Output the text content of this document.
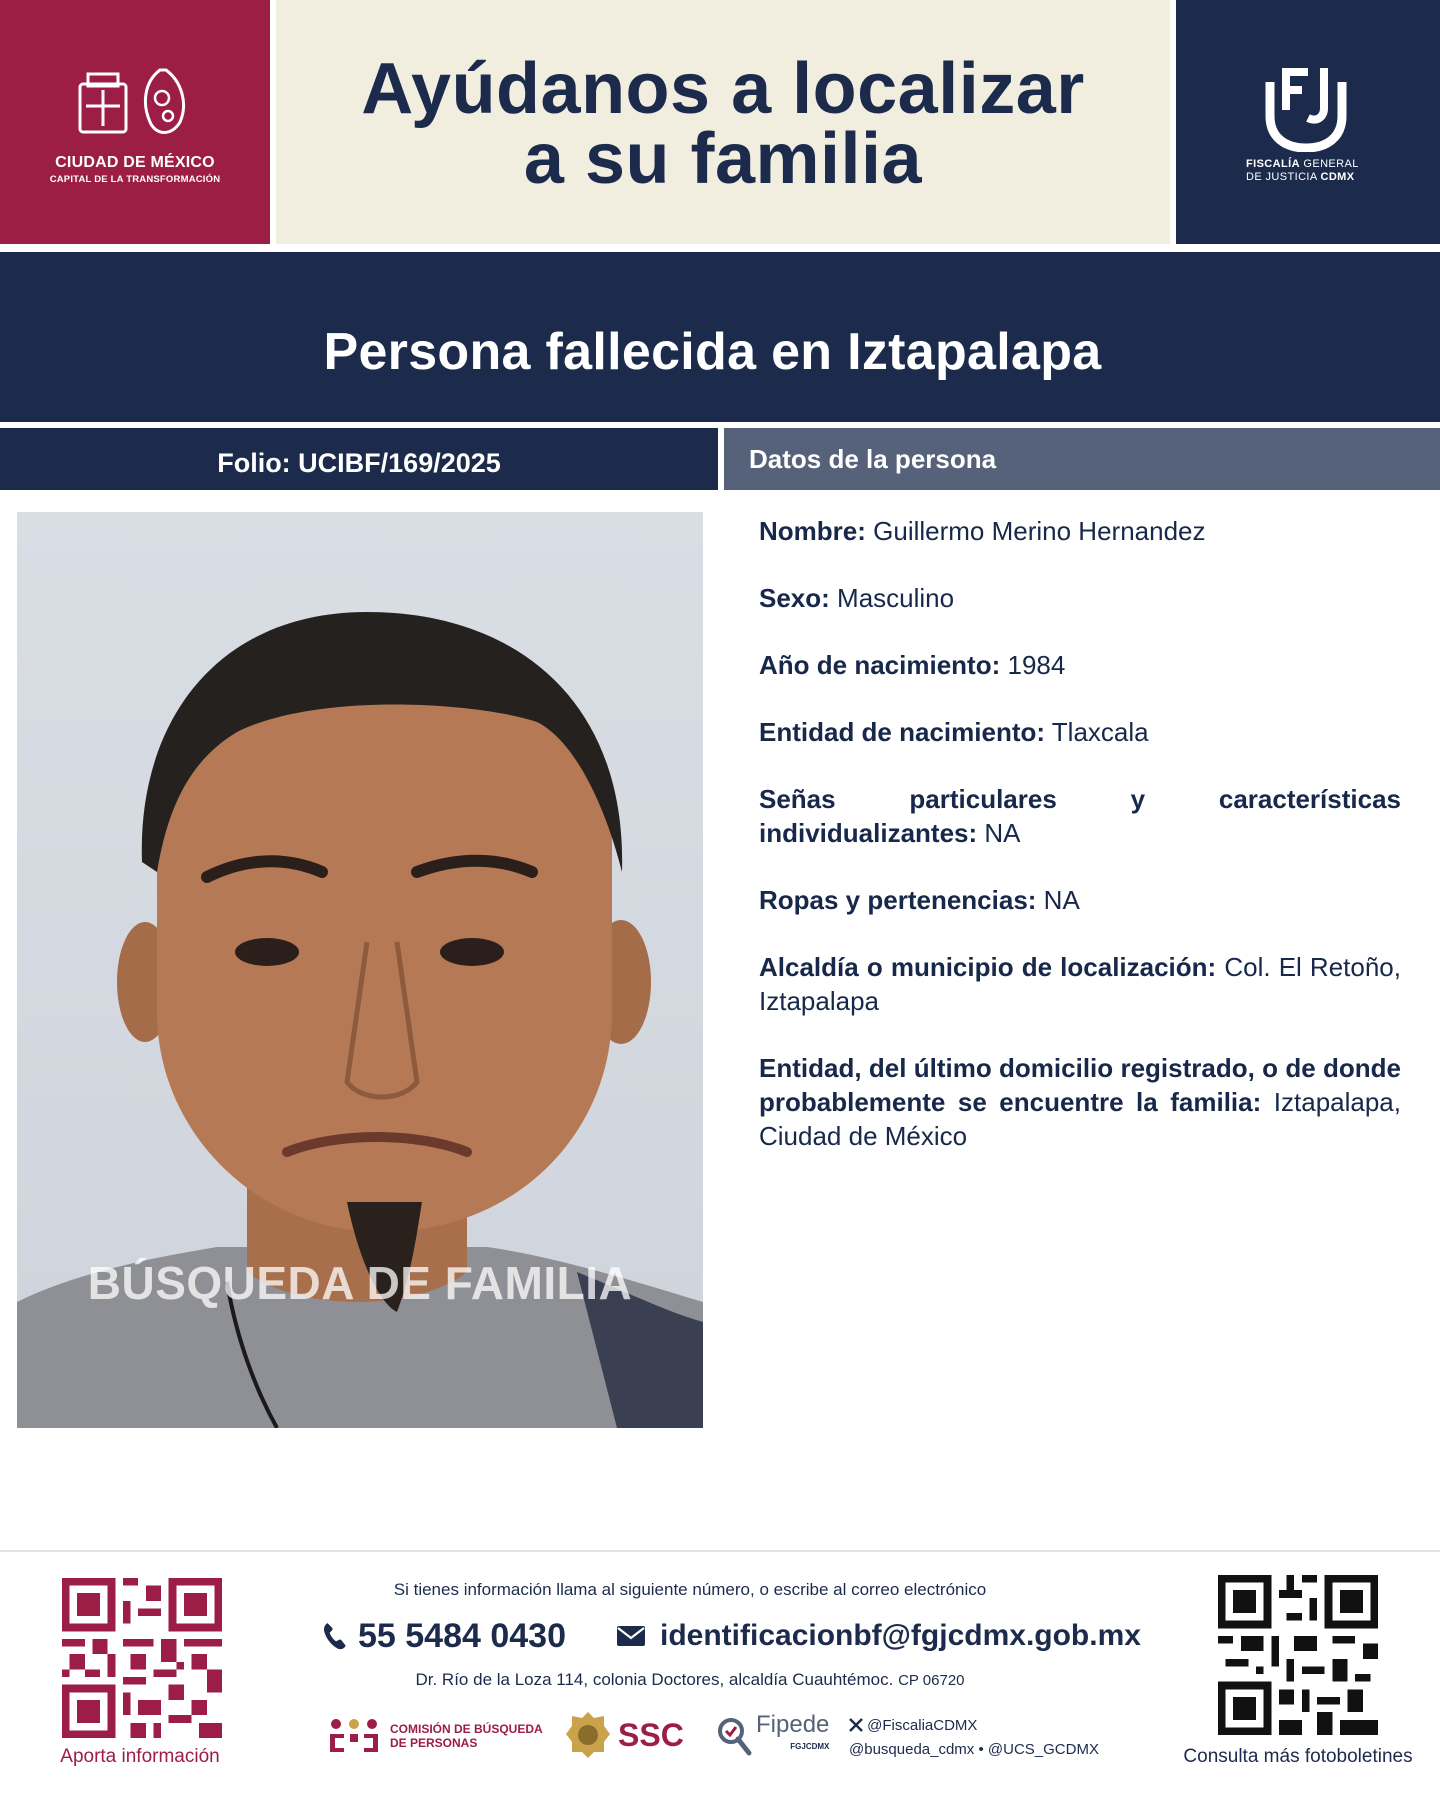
CIUDAD DE MÉXICO
CAPITAL DE LA TRANSFORMACIÓN
Ayúdanos a localizar
a su familia	FISCALÍA GENERAL
DE JUSTICIA CDMX
Persona fallecida en Iztapalapa
Folio: UCIBF/169/2025	Datos de la persona
BÚSQUEDA DE FAMILIA
Nombre: Guillermo Merino Hernandez
Sexo: Masculino
Año de nacimiento: 1984
Entidad de nacimiento: Tlaxcala
Señas particulares y características individualizantes: NA
Ropas y pertenencias: NA
Alcaldía o municipio de localización: Col. El Retoño, Iztapalapa
Entidad, del último domicilio registrado, o de donde probablemente se encuentre la familia: Iztapalapa, Ciudad de México
Aporta información	Consulta más fotoboletines
Si tienes información llama al siguiente número, o escribe al correo electrónico
55 5484 0430	identificacionbf@fgjcdmx.gob.mx
Dr. Río de la Loza 114, colonia Doctores, alcaldía Cuauhtémoc. CP 06720
COMISIÓN DE BÚSQUEDA
DE PERSONAS	SSC	Fipede
FGJCDMX
@FiscaliaCDMX
@busqueda_cdmx • @UCS_GCDMX
